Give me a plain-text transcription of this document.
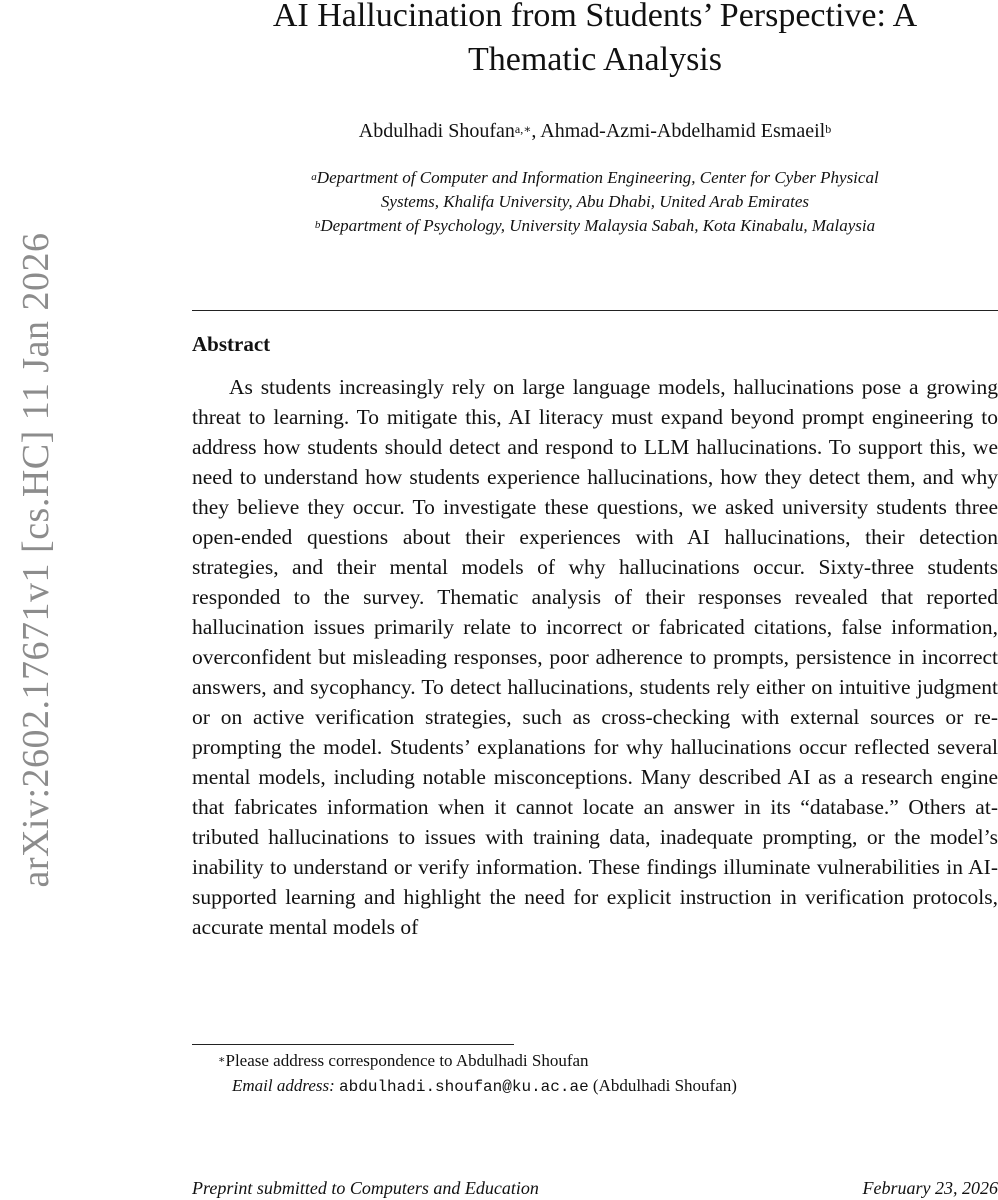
arXiv:2602.17671v1 [cs.HC] 11 Jan 2026
AI Hallucination from Students’ Perspective: A
Thematic Analysis
Abdulhadi Shoufan$^{a,∗}$, Ahmad-Azmi-Abdelhamid Esmaeil$^b$
$^a$Department of Computer and Information Engineering, Center for Cyber Physical
Systems, Khalifa University, Abu Dhabi, United Arab Emirates
$^b$Department of Psychology, University Malaysia Sabah, Kota Kinabalu, Malaysia
Abstract

As students increasingly rely on large language models, hallucinations pose a growing threat to learning. To mitigate this, AI literacy must expand beyond prompt engineering to address how students should detect and respond to LLM hallucinations. To support this, we need to understand how students experience hallucinations, how they detect them, and why they believe they occur. To investigate these questions, we asked university students three open-ended questions about their experiences with AI hallucinations, their detection strategies, and their mental models of why hallucinations occur. Sixty-three students responded to the survey. Thematic analysis of their responses revealed that reported hallucination issues primarily relate to incorrect or fabricated citations, false information, overconfident but misleading responses, poor adherence to prompts, persistence in incorrect answers, and sycophancy. To detect hallucinations, students rely either on intuitive judgment or on active verification strategies, such as cross-checking with external sources or re-prompting the model. Students’ explanations for why hallucinations occur reflected several mental models, including notable misconceptions. Many described AI as a research engine that fabricates information when it cannot locate an answer in its “database.” Others attributed hallucinations to issues with training data, inadequate prompting, or the model’s inability to understand or verify information. These findings illuminate vulnerabilities in AI-supported learning and highlight the need for explicit instruction in verification protocols, accurate mental models of

∗Please address correspondence to Abdulhadi Shoufan
Email address: abdulhadi.shoufan@ku.ac.ae (Abdulhadi Shoufan)
Preprint submitted to Computers and Education	February 23, 2026
